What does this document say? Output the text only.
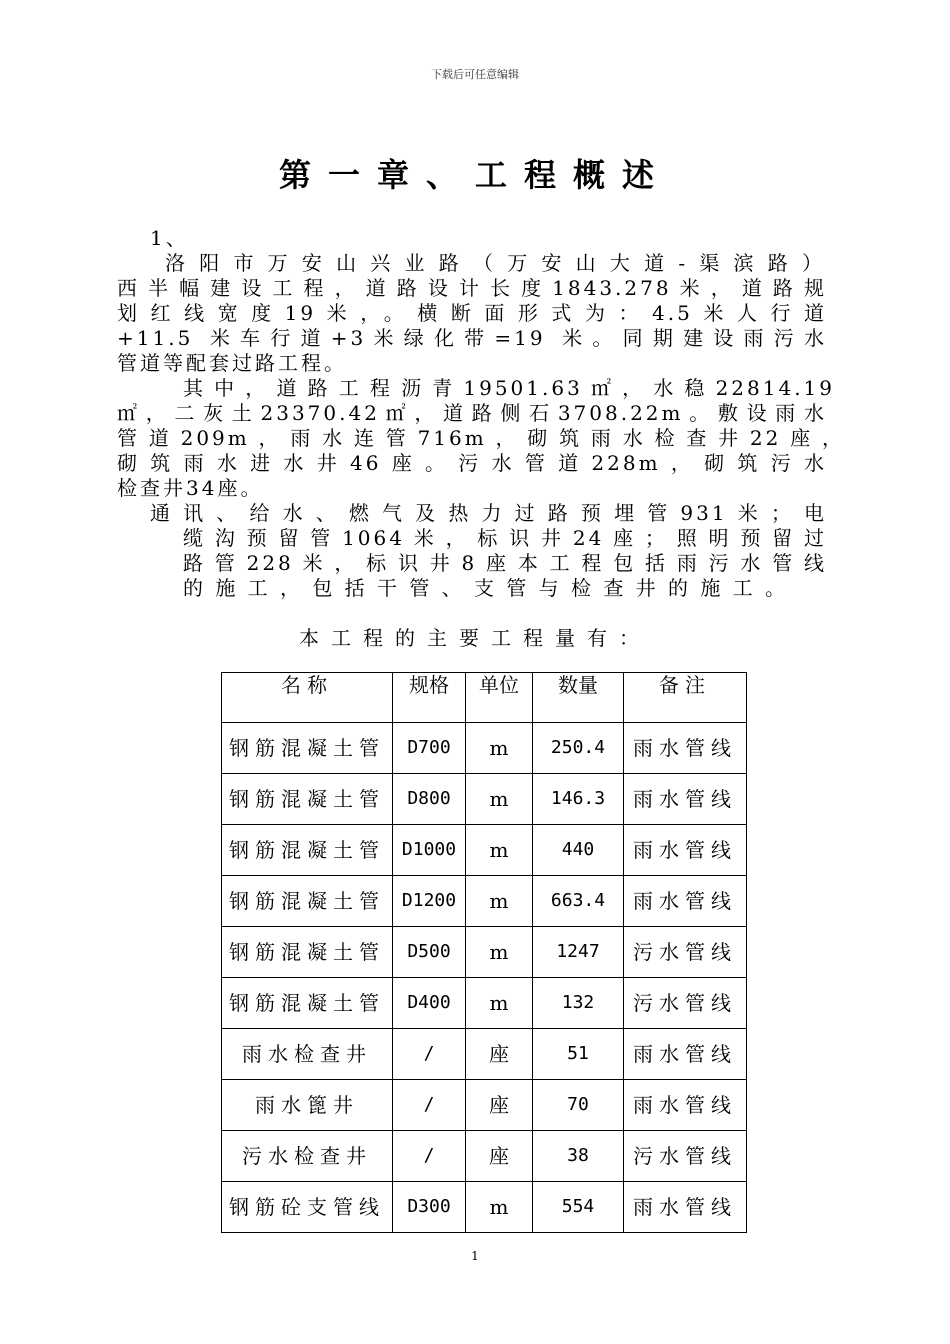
下载后可任意编辑
第一章、工程概述
1、
洛阳市万安山兴业路（万安山大道-渠滨路）
西半幅建设工程，道路设计长度1843.278米，道路规
划红线宽度19米，。横断面形式为：4.5米人行道
+11.5 米车行道+3米绿化带=19 米。同期建设雨污水
管道等配套过路工程。
其中，道路工程沥青19501.63㎡，水稳22814.19
㎡，二灰土23370.42㎡，道路侧石3708.22m。敷设雨水
管道209m，雨水连管716m，砌筑雨水检查井22座，
砌筑雨水进水井46座。污水管道228m，砌筑污水
检查井34座。
通讯、给水、燃气及热力过路预埋管931米；电
缆沟预留管1064米，标识井24座；照明预留过
路管228米，标识井8座本工程包括雨污水管线
的施工，包括干管、支管与检查井的施工。
本工程的主要工程量有：
名称	规格	单位	数量	备注
钢筋混凝土管	D700	m	250.4	雨水管线
钢筋混凝土管	D800	m	146.3	雨水管线
钢筋混凝土管	D1000	m	440	雨水管线
钢筋混凝土管	D1200	m	663.4	雨水管线
钢筋混凝土管	D500	m	1247	污水管线
钢筋混凝土管	D400	m	132	污水管线
雨水检查井	/	座	51	雨水管线
雨水篦井	/	座	70	雨水管线
污水检查井	/	座	38	污水管线
钢筋砼支管线	D300	m	554	雨水管线
1
